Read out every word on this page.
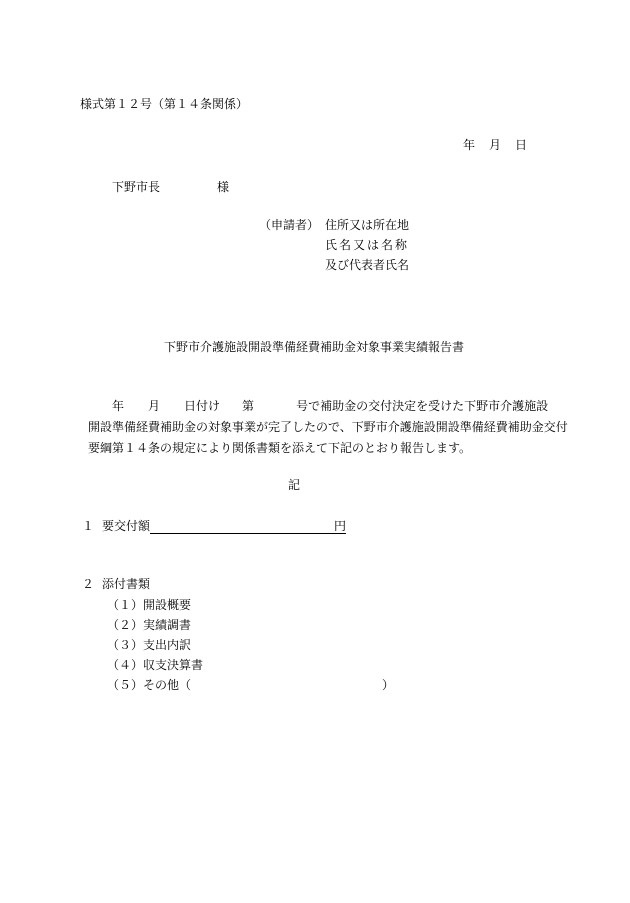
様式第１２号（第１４条関係）
年　月　日
下野市長	様
（申請者） 住所又は所在地
氏名又は名称
及び代表者氏名
下野市介護施設開設準備経費補助金対象事業実績報告書
年 月 日付け 第	号で補助金の交付決定を受けた下野市介護施設
開設準備経費補助金の対象事業が完了したので、下野市介護施設開設準備経費補助金交付
要綱第１４条の規定により関係書類を添えて下記のとおり報告します。
記
１ 要交付額	円
２ 添付書類
（１）開設概要
（２）実績調書
（３）支出内訳
（４）収支決算書
（５）その他（	）
